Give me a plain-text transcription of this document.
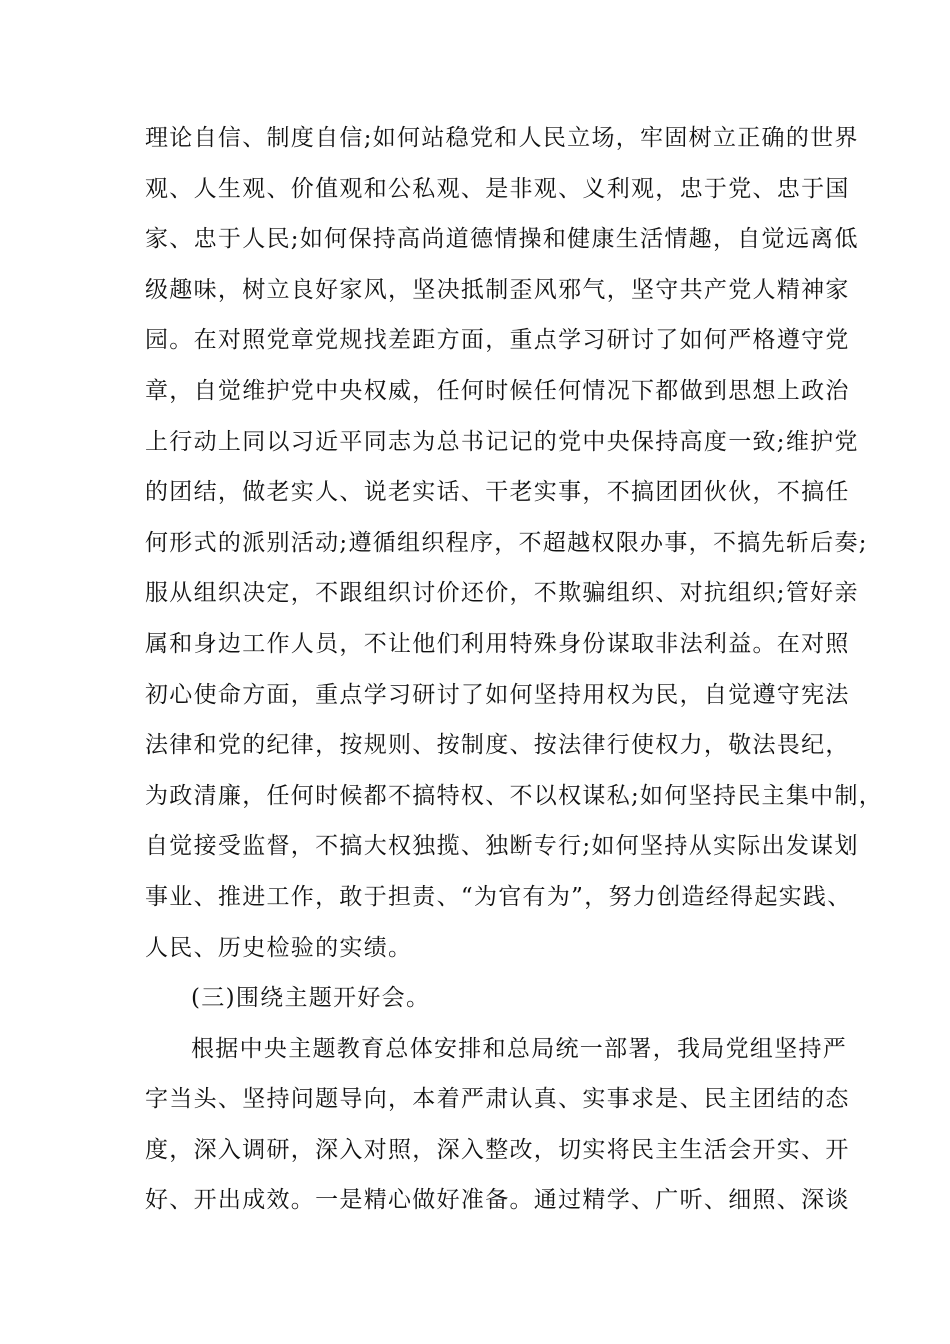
理论自信、制度自信;如何站稳党和人民立场，牢固树立正确的世界
观、人生观、价值观和公私观、是非观、义利观，忠于党、忠于国
家、忠于人民;如何保持高尚道德情操和健康生活情趣，自觉远离低
级趣味，树立良好家风，坚决抵制歪风邪气，坚守共产党人精神家
园。在对照党章党规找差距方面，重点学习研讨了如何严格遵守党
章，自觉维护党中央权威，任何时候任何情况下都做到思想上政治
上行动上同以习近平同志为总书记记的党中央保持高度一致;维护党
的团结，做老实人、说老实话、干老实事，不搞团团伙伙，不搞任
何形式的派别活动;遵循组织程序，不超越权限办事，不搞先斩后奏;
服从组织决定，不跟组织讨价还价，不欺骗组织、对抗组织;管好亲
属和身边工作人员，不让他们利用特殊身份谋取非法利益。在对照
初心使命方面，重点学习研讨了如何坚持用权为民，自觉遵守宪法
法律和党的纪律，按规则、按制度、按法律行使权力，敬法畏纪，
为政清廉，任何时候都不搞特权、不以权谋私;如何坚持民主集中制，
自觉接受监督，不搞大权独揽、独断专行;如何坚持从实际出发谋划
事业、推进工作，敢于担责、“为官有为”，努力创造经得起实践、
人民、历史检验的实绩。
(三)围绕主题开好会。
根据中央主题教育总体安排和总局统一部署，我局党组坚持严
字当头、坚持问题导向，本着严肃认真、实事求是、民主团结的态
度，深入调研，深入对照，深入整改，切实将民主生活会开实、开
好、开出成效。一是精心做好准备。通过精学、广听、细照、深谈
